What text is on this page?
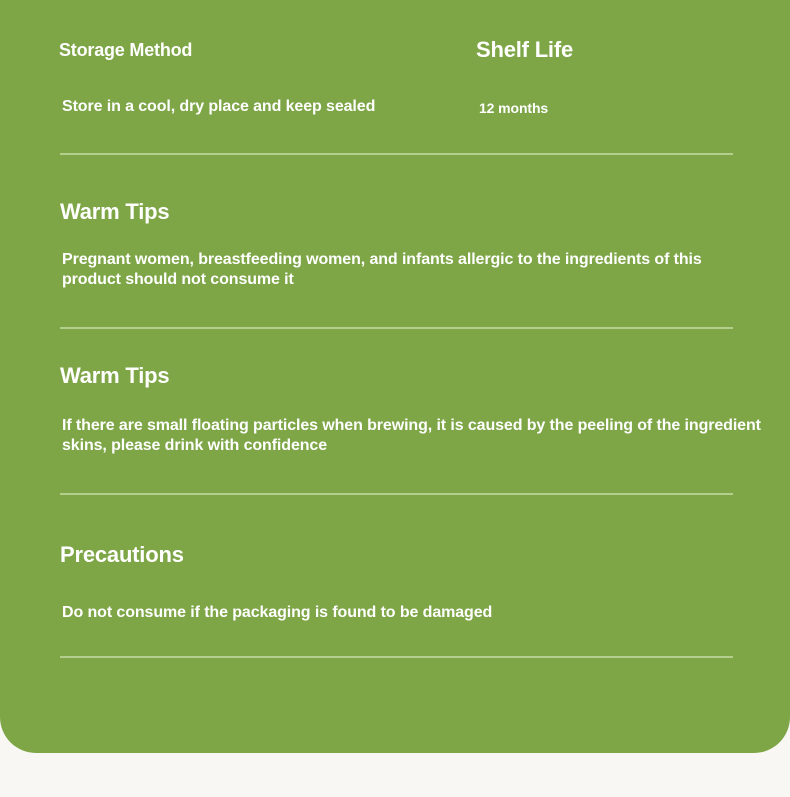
Storage Method	Shelf Life

Store in a cool, dry place and keep sealed	12 months

Warm Tips

Pregnant women, breastfeeding women, and infants allergic to the ingredients of this product should not consume it

Warm Tips

If there are small floating particles when brewing, it is caused by the peeling of the ingredient skins, please drink with confidence

Precautions

Do not consume if the packaging is found to be damaged
